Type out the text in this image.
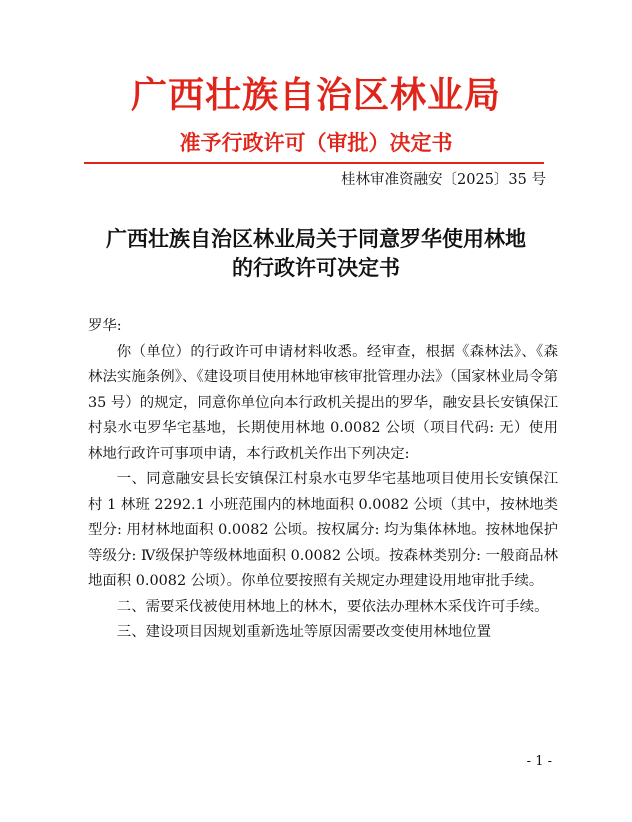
广西壮族自治区林业局
准予行政许可（审批）决定书
桂林审准资融安〔2025〕35 号
广西壮族自治区林业局关于同意罗华使用林地
的行政许可决定书

罗华:

你（单位）的行政许可申请材料收悉。经审查，根据《森林法》、《森林法实施条例》、《建设项目使用林地审核审批管理办法》（国家林业局令第 35 号）的规定，同意你单位向本行政机关提出的罗华，融安县长安镇保江村泉水屯罗华宅基地，长期使用林地 0.0082 公顷（项目代码: 无）使用林地行政许可事项申请，本行政机关作出下列决定:

一、同意融安县长安镇保江村泉水屯罗华宅基地项目使用长安镇保江村 1 林班 2292.1 小班范围内的林地面积 0.0082 公顷（其中，按林地类型分: 用材林地面积 0.0082 公顷。按权属分: 均为集体林地。按林地保护等级分: Ⅳ级保护等级林地面积 0.0082 公顷。按森林类别分: 一般商品林地面积 0.0082 公顷）。你单位要按照有关规定办理建设用地审批手续。

二、需要采伐被使用林地上的林木，要依法办理林木采伐许可手续。

三、建设项目因规划重新选址等原因需要改变使用林地位置

- 1 -
